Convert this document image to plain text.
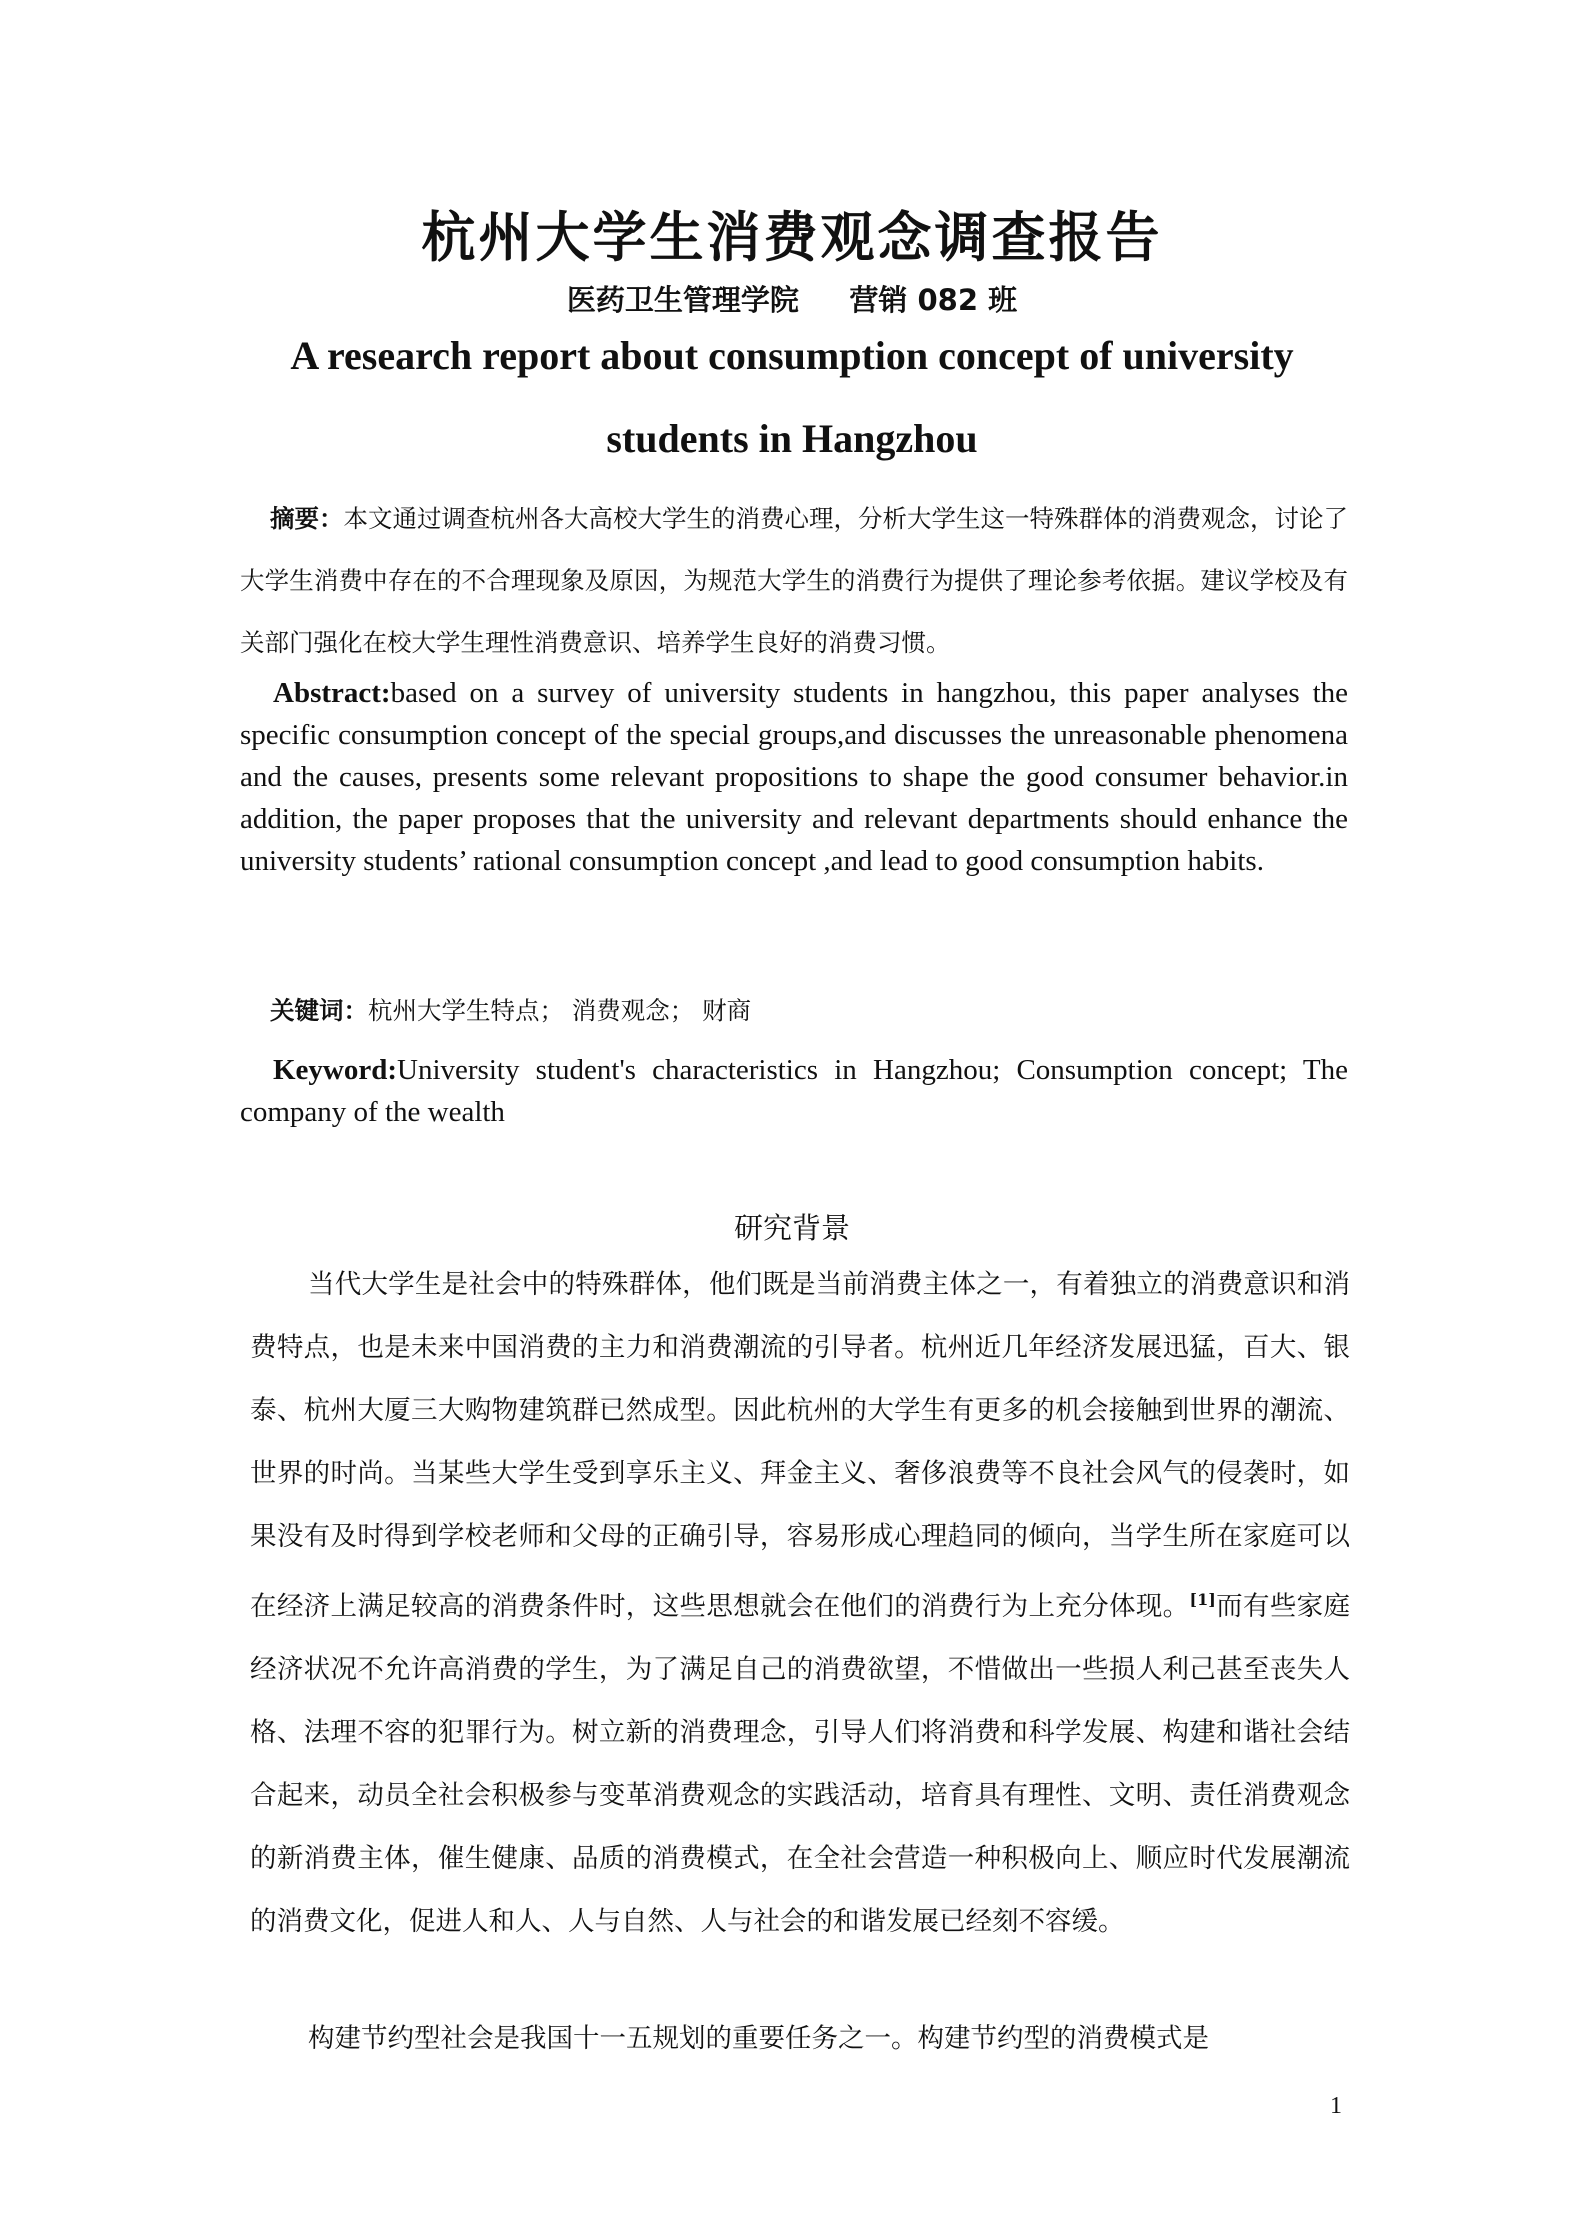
杭州大学生消费观念调查报告
医药卫生管理学院     营销 082 班
A research report about consumption concept of university
students in Hangzhou

摘要：本文通过调查杭州各大高校大学生的消费心理，分析大学生这一特殊群体的消费观念，讨论了大学生消费中存在的不合理现象及原因，为规范大学生的消费行为提供了理论参考依据。建议学校及有关部门强化在校大学生理性消费意识、培养学生良好的消费习惯。

Abstract:based on a survey of university students in hangzhou, this paper analyses the specific consumption concept of the special groups,and discusses the unreasonable phenomena and the causes, presents some relevant propositions to shape the good consumer behavior.in addition, the paper proposes that the university and relevant departments should enhance the university students’ rational consumption concept ,and lead to good consumption habits.

关键词：杭州大学生特点； 消费观念； 财商

Keyword:University student's characteristics in Hangzhou; Consumption concept; The company of the wealth

研究背景

当代大学生是社会中的特殊群体，他们既是当前消费主体之一，有着独立的消费意识和消费特点，也是未来中国消费的主力和消费潮流的引导者。杭州近几年经济发展迅猛，百大、银泰、杭州大厦三大购物建筑群已然成型。因此杭州的大学生有更多的机会接触到世界的潮流、世界的时尚。当某些大学生受到享乐主义、拜金主义、奢侈浪费等不良社会风气的侵袭时，如果没有及时得到学校老师和父母的正确引导，容易形成心理趋同的倾向，当学生所在家庭可以在经济上满足较高的消费条件时，这些思想就会在他们的消费行为上充分体现。[1]而有些家庭经济状况不允许高消费的学生，为了满足自己的消费欲望，不惜做出一些损人利己甚至丧失人格、法理不容的犯罪行为。树立新的消费理念，引导人们将消费和科学发展、构建和谐社会结合起来，动员全社会积极参与变革消费观念的实践活动，培育具有理性、文明、责任消费观念的新消费主体，催生健康、品质的消费模式，在全社会营造一种积极向上、顺应时代发展潮流的消费文化，促进人和人、人与自然、人与社会的和谐发展已经刻不容缓。

构建节约型社会是我国十一五规划的重要任务之一。构建节约型的消费模式是

1
